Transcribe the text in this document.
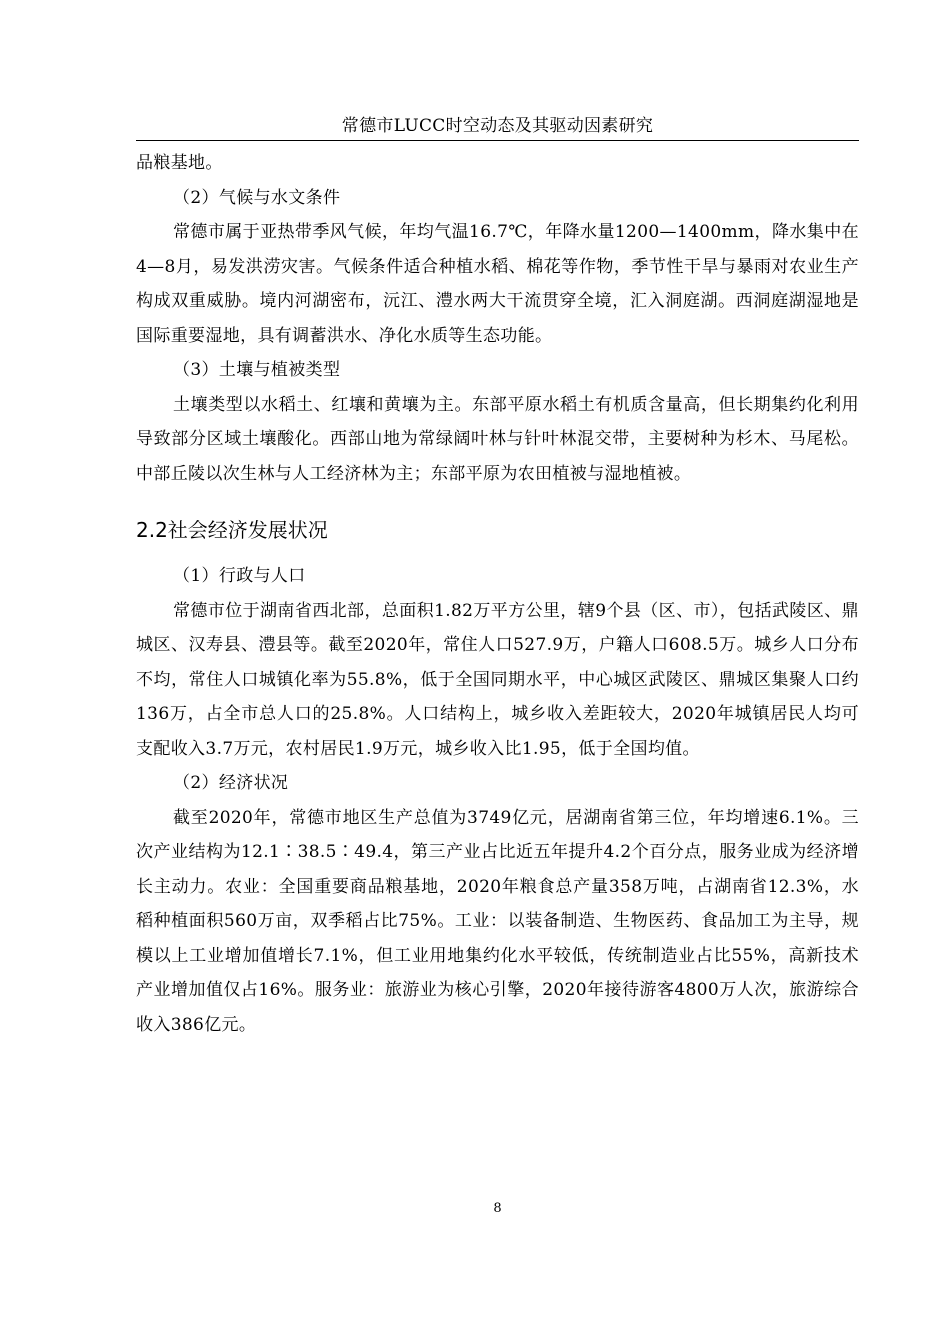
常德市LUCC时空动态及其驱动因素研究

品粮基地。

（2）气候与水文条件

常德市属于亚热带季风气候，年均气温16.7℃，年降水量1200—1400mm，降水集中在4—8月，易发洪涝灾害。气候条件适合种植水稻、棉花等作物，季节性干旱与暴雨对农业生产构成双重威胁。境内河湖密布，沅江、澧水两大干流贯穿全境，汇入洞庭湖。西洞庭湖湿地是国际重要湿地，具有调蓄洪水、净化水质等生态功能。

（3）土壤与植被类型

土壤类型以水稻土、红壤和黄壤为主。东部平原水稻土有机质含量高，但长期集约化利用导致部分区域土壤酸化。西部山地为常绿阔叶林与针叶林混交带，主要树种为杉木、马尾松。中部丘陵以次生林与人工经济林为主；东部平原为农田植被与湿地植被。

2.2社会经济发展状况

（1）行政与人口

常德市位于湖南省西北部，总面积1.82万平方公里，辖9个县（区、市），包括武陵区、鼎城区、汉寿县、澧县等。截至2020年，常住人口527.9万，户籍人口608.5万。城乡人口分布不均，常住人口城镇化率为55.8%，低于全国同期水平，中心城区武陵区、鼎城区集聚人口约136万，占全市总人口的25.8%。人口结构上，城乡收入差距较大，2020年城镇居民人均可支配收入3.7万元，农村居民1.9万元，城乡收入比1.95，低于全国均值。

（2）经济状况

截至2020年，常德市地区生产总值为3749亿元，居湖南省第三位，年均增速6.1%。三次产业结构为12.1∶38.5∶49.4，第三产业占比近五年提升4.2个百分点，服务业成为经济增长主动力。农业：全国重要商品粮基地，2020年粮食总产量358万吨，占湖南省12.3%，水稻种植面积560万亩，双季稻占比75%。工业：以装备制造、生物医药、食品加工为主导，规模以上工业增加值增长7.1%，但工业用地集约化水平较低，传统制造业占比55%，高新技术产业增加值仅占16%。服务业：旅游业为核心引擎，2020年接待游客4800万人次，旅游综合收入386亿元。

8
